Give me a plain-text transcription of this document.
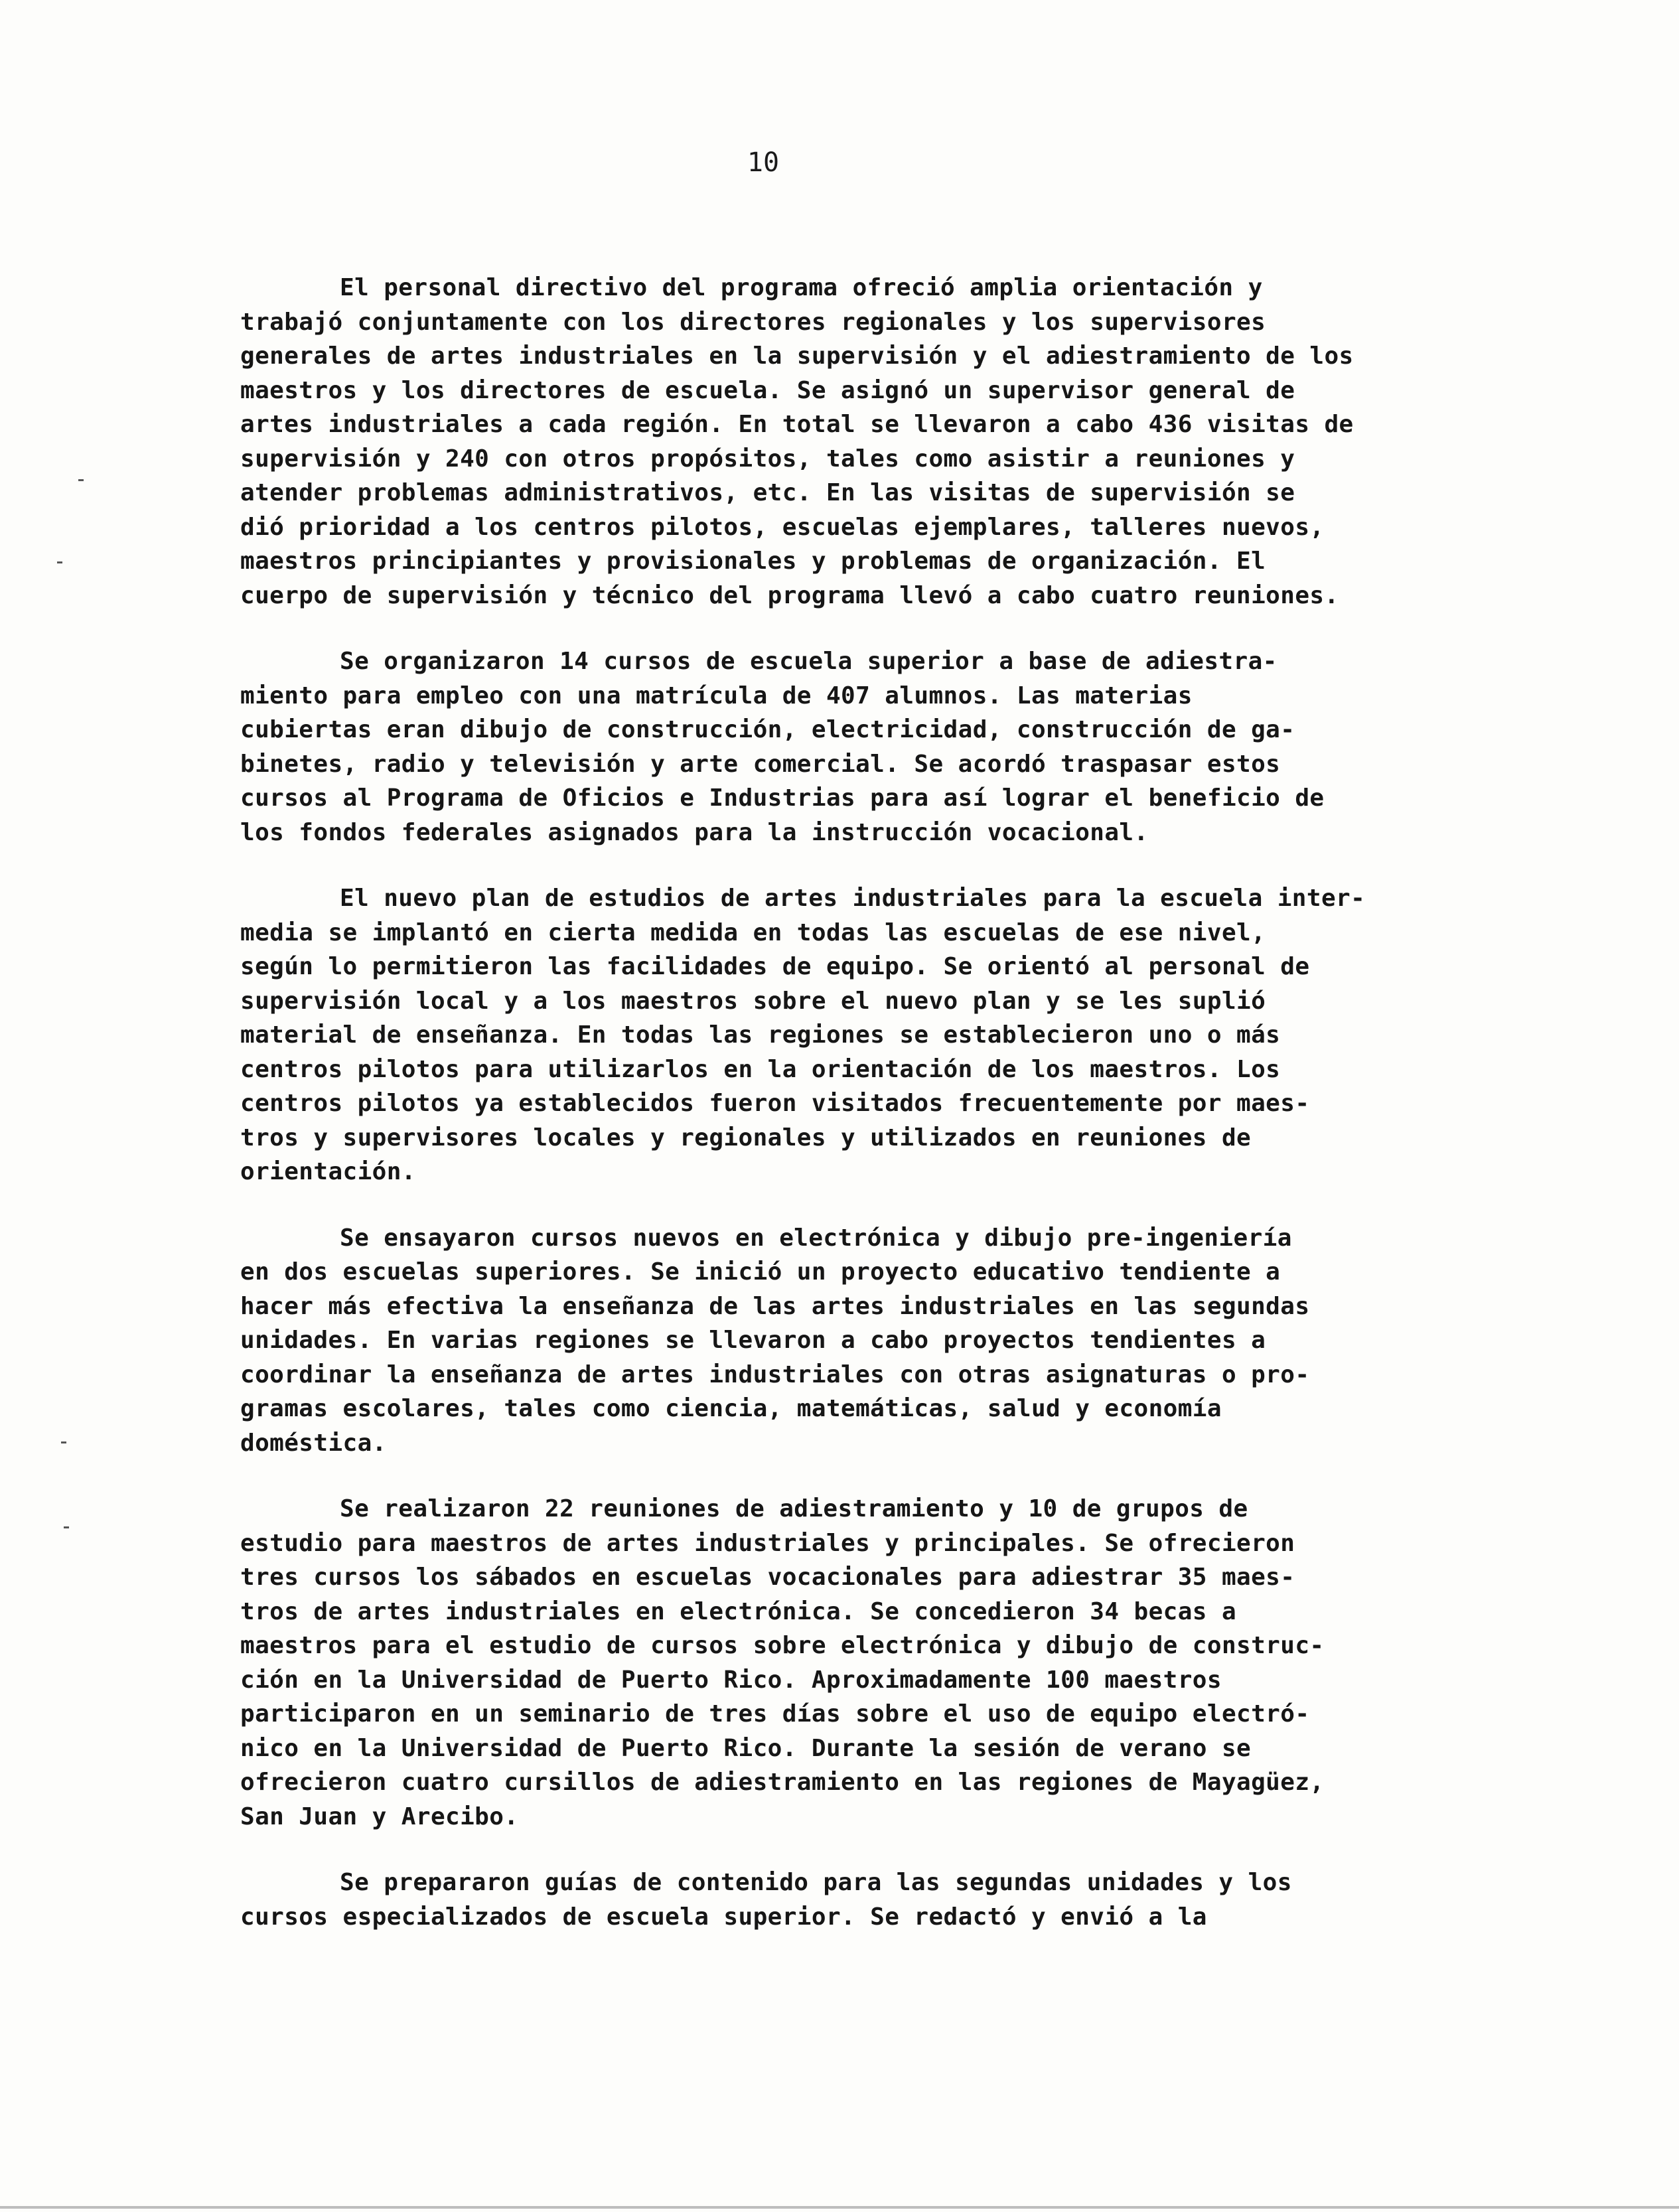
10
El personal directivo del programa ofreció amplia orientación y
trabajó conjuntamente con los directores regionales y los supervisores
generales de artes industriales en la supervisión y el adiestramiento de los
maestros y los directores de escuela. Se asignó un supervisor general de
artes industriales a cada región. En total se llevaron a cabo 436 visitas de
supervisión y 240 con otros propósitos, tales como asistir a reuniones y
atender problemas administrativos, etc. En las visitas de supervisión se
dió prioridad a los centros pilotos, escuelas ejemplares, talleres nuevos,
maestros principiantes y provisionales y problemas de organización. El
cuerpo de supervisión y técnico del programa llevó a cabo cuatro reuniones.
Se organizaron 14 cursos de escuela superior a base de adiestra-
miento para empleo con una matrícula de 407 alumnos. Las materias
cubiertas eran dibujo de construcción, electricidad, construcción de ga-
binetes, radio y televisión y arte comercial. Se acordó traspasar estos
cursos al Programa de Oficios e Industrias para así lograr el beneficio de
los fondos federales asignados para la instrucción vocacional.
El nuevo plan de estudios de artes industriales para la escuela inter-
media se implantó en cierta medida en todas las escuelas de ese nivel,
según lo permitieron las facilidades de equipo. Se orientó al personal de
supervisión local y a los maestros sobre el nuevo plan y se les suplió
material de enseñanza. En todas las regiones se establecieron uno o más
centros pilotos para utilizarlos en la orientación de los maestros. Los
centros pilotos ya establecidos fueron visitados frecuentemente por maes-
tros y supervisores locales y regionales y utilizados en reuniones de
orientación.
Se ensayaron cursos nuevos en electrónica y dibujo pre-ingeniería
en dos escuelas superiores. Se inició un proyecto educativo tendiente a
hacer más efectiva la enseñanza de las artes industriales en las segundas
unidades. En varias regiones se llevaron a cabo proyectos tendientes a
coordinar la enseñanza de artes industriales con otras asignaturas o pro-
gramas escolares, tales como ciencia, matemáticas, salud y economía
doméstica.
Se realizaron 22 reuniones de adiestramiento y 10 de grupos de
estudio para maestros de artes industriales y principales. Se ofrecieron
tres cursos los sábados en escuelas vocacionales para adiestrar 35 maes-
tros de artes industriales en electrónica. Se concedieron 34 becas a
maestros para el estudio de cursos sobre electrónica y dibujo de construc-
ción en la Universidad de Puerto Rico. Aproximadamente 100 maestros
participaron en un seminario de tres días sobre el uso de equipo electró-
nico en la Universidad de Puerto Rico. Durante la sesión de verano se
ofrecieron cuatro cursillos de adiestramiento en las regiones de Mayagüez,
San Juan y Arecibo.
Se prepararon guías de contenido para las segundas unidades y los
cursos especializados de escuela superior. Se redactó y envió a la
